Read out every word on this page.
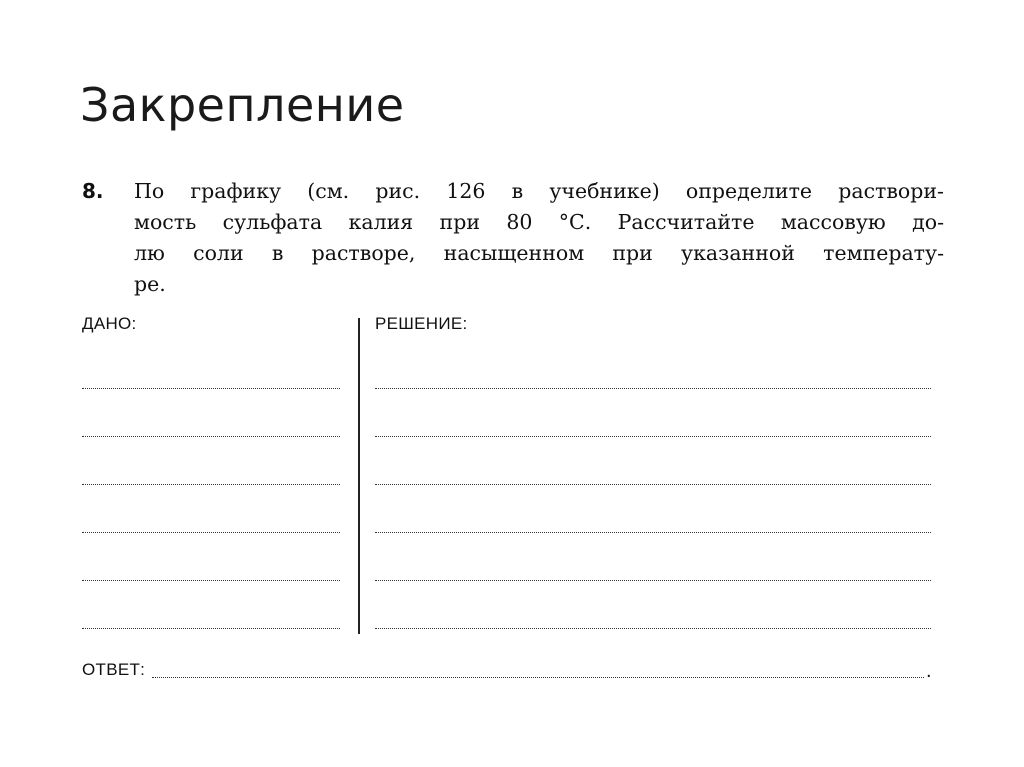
Закрепление
8. По графику (см. рис. 126 в учебнике) определите раствори-
мость сульфата калия при 80 °С. Рассчитайте массовую до-
лю соли в растворе, насыщенном при указанной температу-
ре.
ДАНО:	РЕШЕНИЕ:
ОТВЕТ:	.
